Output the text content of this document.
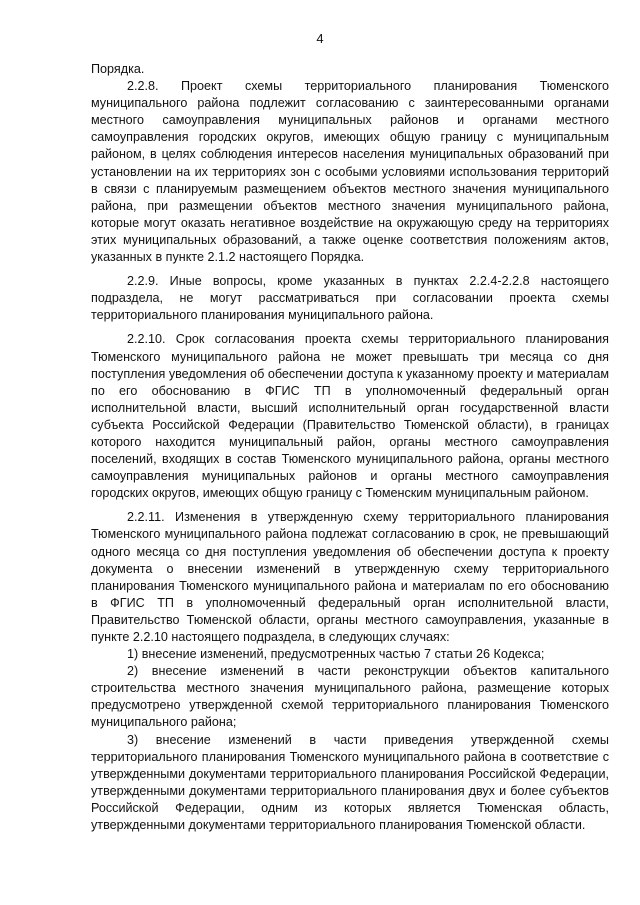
4

Порядка.

2.2.8. Проект схемы территориального планирования Тюменского муниципального района подлежит согласованию с заинтересованными органами местного самоуправления муниципальных районов и органами местного самоуправления городских округов, имеющих общую границу с муниципальным районом, в целях соблюдения интересов населения муниципальных образований при установлении на их территориях зон с особыми условиями использования территорий в связи с планируемым размещением объектов местного значения муниципального района, при размещении объектов местного значения муниципального района, которые могут оказать негативное воздействие на окружающую среду на территориях этих муниципальных образований, а также оценке соответствия положениям актов, указанных в пункте 2.1.2 настоящего Порядка.

2.2.9. Иные вопросы, кроме указанных в пунктах 2.2.4-2.2.8 настоящего подраздела, не могут рассматриваться при согласовании проекта схемы территориального планирования муниципального района.

2.2.10. Срок согласования проекта схемы территориального планирования Тюменского муниципального района не может превышать три месяца со дня поступления уведомления об обеспечении доступа к указанному проекту и материалам по его обоснованию в ФГИС ТП в уполномоченный федеральный орган исполнительной власти, высший исполнительный орган государственной власти субъекта Российской Федерации (Правительство Тюменской области), в границах которого находится муниципальный район, органы местного самоуправления поселений, входящих в состав Тюменского муниципального района, органы местного самоуправления муниципальных районов и органы местного самоуправления городских округов, имеющих общую границу с Тюменским муниципальным районом.

2.2.11. Изменения в утвержденную схему территориального планирования Тюменского муниципального района подлежат согласованию в срок, не превышающий одного месяца со дня поступления уведомления об обеспечении доступа к проекту документа о внесении изменений в утвержденную схему территориального планирования Тюменского муниципального района и материалам по его обоснованию в ФГИС ТП в уполномоченный федеральный орган исполнительной власти, Правительство Тюменской области, органы местного самоуправления, указанные в пункте 2.2.10 настоящего подраздела, в следующих случаях:

1) внесение изменений, предусмотренных частью 7 статьи 26 Кодекса;

2) внесение изменений в части реконструкции объектов капитального строительства местного значения муниципального района, размещение которых предусмотрено утвержденной схемой территориального планирования Тюменского муниципального района;

3) внесение изменений в части приведения утвержденной схемы территориального планирования Тюменского муниципального района в соответствие с утвержденными документами территориального планирования Российской Федерации, утвержденными документами территориального планирования двух и более субъектов Российской Федерации, одним из которых является Тюменская область, утвержденными документами территориального планирования Тюменской области.
